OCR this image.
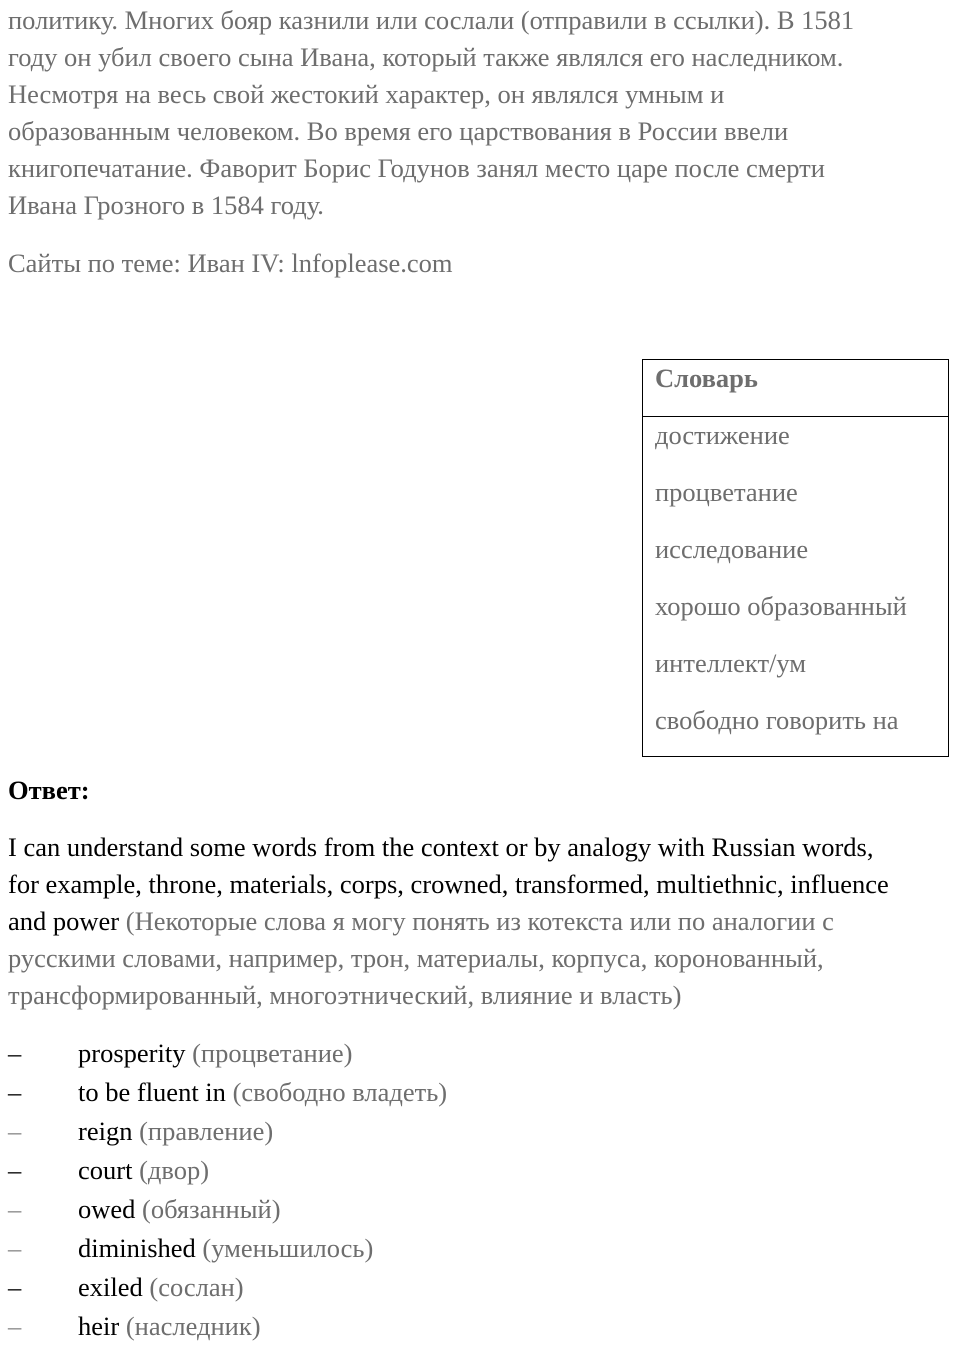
политику. Многих бояр казнили или сослали (отправили в ссылки). В 1581
году он убил своего сына Ивана, который также являлся его наследником.
Несмотря на весь свой жестокий характер, он являлся умным и
образованным человеком. Во время его царствования в России ввели
книгопечатание. Фаворит Борис Годунов занял место царе после смерти
Ивана Грозного в 1584 году.

Сайты по теме: Иван IV: lnfoplease.com

Словарь
достижение
процветание
исследование
хорошо образованный
интеллект/ум
свободно говорить на

Ответ:

I can understand some words from the context or by analogy with Russian words,
for example, throne, materials, corps, crowned, transformed, multiethnic, influence
and power (Некоторые слова я могу понять из котекста или по аналогии с
русскими словами, например, трон, материалы, корпуса, коронованный,
трансформированный, многоэтнический, влияние и власть)
– prosperity (процветание)
– to be fluent in (свободно владеть)
– reign (правление)
– court (двор)
– owed (обязанный)
– diminished (уменьшилось)
– exiled (сослан)
– heir (наследник)
